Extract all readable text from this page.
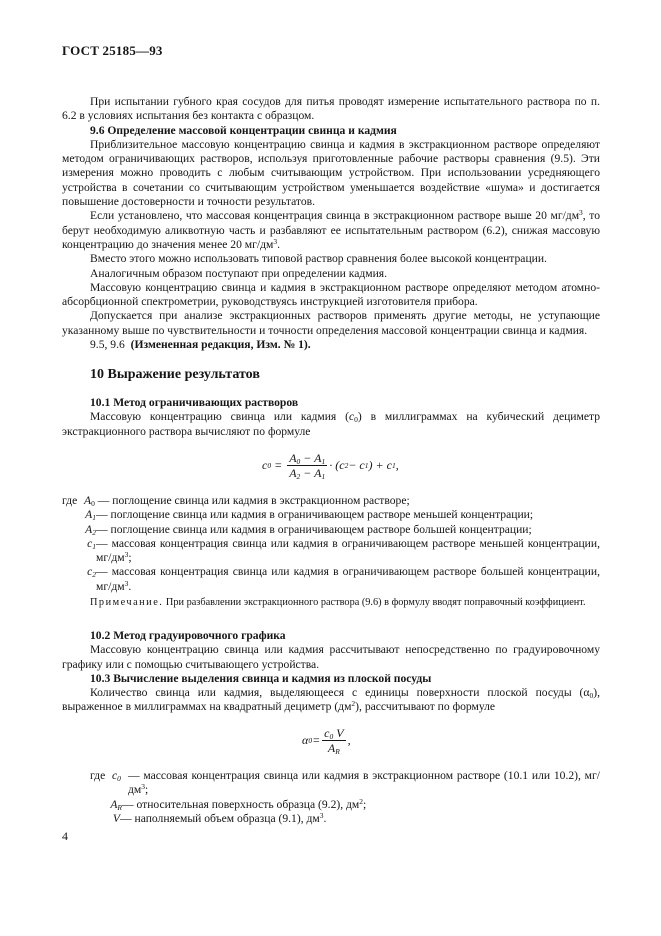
ГОСТ 25185—93

При испытании губного края сосудов для питья проводят измерение испытательного раствора по п. 6.2 в условиях испытания без контакта с образцом.

9.6 Определение массовой концентрации свинца и кадмия

Приблизительное массовую концентрацию свинца и кадмия в экстракционном растворе определяют методом ограничивающих растворов, используя приготовленные рабочие растворы сравнения (9.5). Эти измерения можно проводить с любым считывающим устройством. При использовании усредняющего устройства в сочетании со считывающим устройством уменьшается воздействие «шума» и достигается повышение достоверности и точности результатов.

Если установлено, что массовая концентрация свинца в экстракционном растворе выше 20 $мг/дм^3$, то берут необходимую аликвотную часть и разбавляют ее испытательным раствором (6.2), снижая массовую концентрацию до значения менее 20 $мг/дм^3$.

Вместо этого можно использовать типовой раствор сравнения более высокой концентрации.

Аналогичным образом поступают при определении кадмия.

Массовую концентрацию свинца и кадмия в экстракционном растворе определяют методом атомно-абсорбционной спектрометрии, руководствуясь инструкцией изготовителя прибора.

Допускается при анализе экстракционных растворов применять другие методы, не уступающие указанному выше по чувствительности и точности определения массовой концентрации свинца и кадмия.

9.5, 9.6 (Измененная редакция, Изм. № 1).

10 Выражение результатов

10.1 Метод ограничивающих растворов

Массовую концентрацию свинца или кадмия $(c_0)$ в миллиграммах на кубический дециметр экстракционного раствора вычисляют по формуле

c $0 = \frac{A_0 - A_1}{A_2 - A_1} \cdot (c$ 2 − c 1 ) + c 1 ,
где $A_0$ — поглощение свинца или кадмия в экстракционном растворе;
$A_1$ — поглощение свинца или кадмия в ограничивающем растворе меньшей концентрации;
$A_2$ — поглощение свинца или кадмия в ограничивающем растворе большей концентрации;
$c_1$ — массовая концентрация свинца или кадмия в ограничивающем растворе меньшей концентрации, $мг/дм^3$;
$c_2$ — массовая концентрация свинца или кадмия в ограничивающем растворе большей концентрации, $мг/дм^3$.
Примечание. При разбавлении экстракционного раствора (9.6) в формулу вводят поправочный коэффициент.

10.2 Метод градуировочного графика

Массовую концентрацию свинца или кадмия рассчитывают непосредственно по градуировочному графику или с помощью считывающего устройства.

10.3 Вычисление выделения свинца и кадмия из плоской посуды

Количество свинца или кадмия, выделяющееся с единицы поверхности плоской посуды $(\alpha_0)$, выраженное в миллиграммах на квадратный дециметр $(дм^2)$, рассчитывают по формуле

α $0 = \frac{c_0 V}{A_R}$ ,
где $c_0$ — массовая концентрация свинца или кадмия в экстракционном растворе (10.1 или 10.2), $мг/дм^3$;
$A_R$ — относительная поверхность образца (9.2), $дм^2$;
V — наполняемый объем образца (9.1), $дм^3$.
4
